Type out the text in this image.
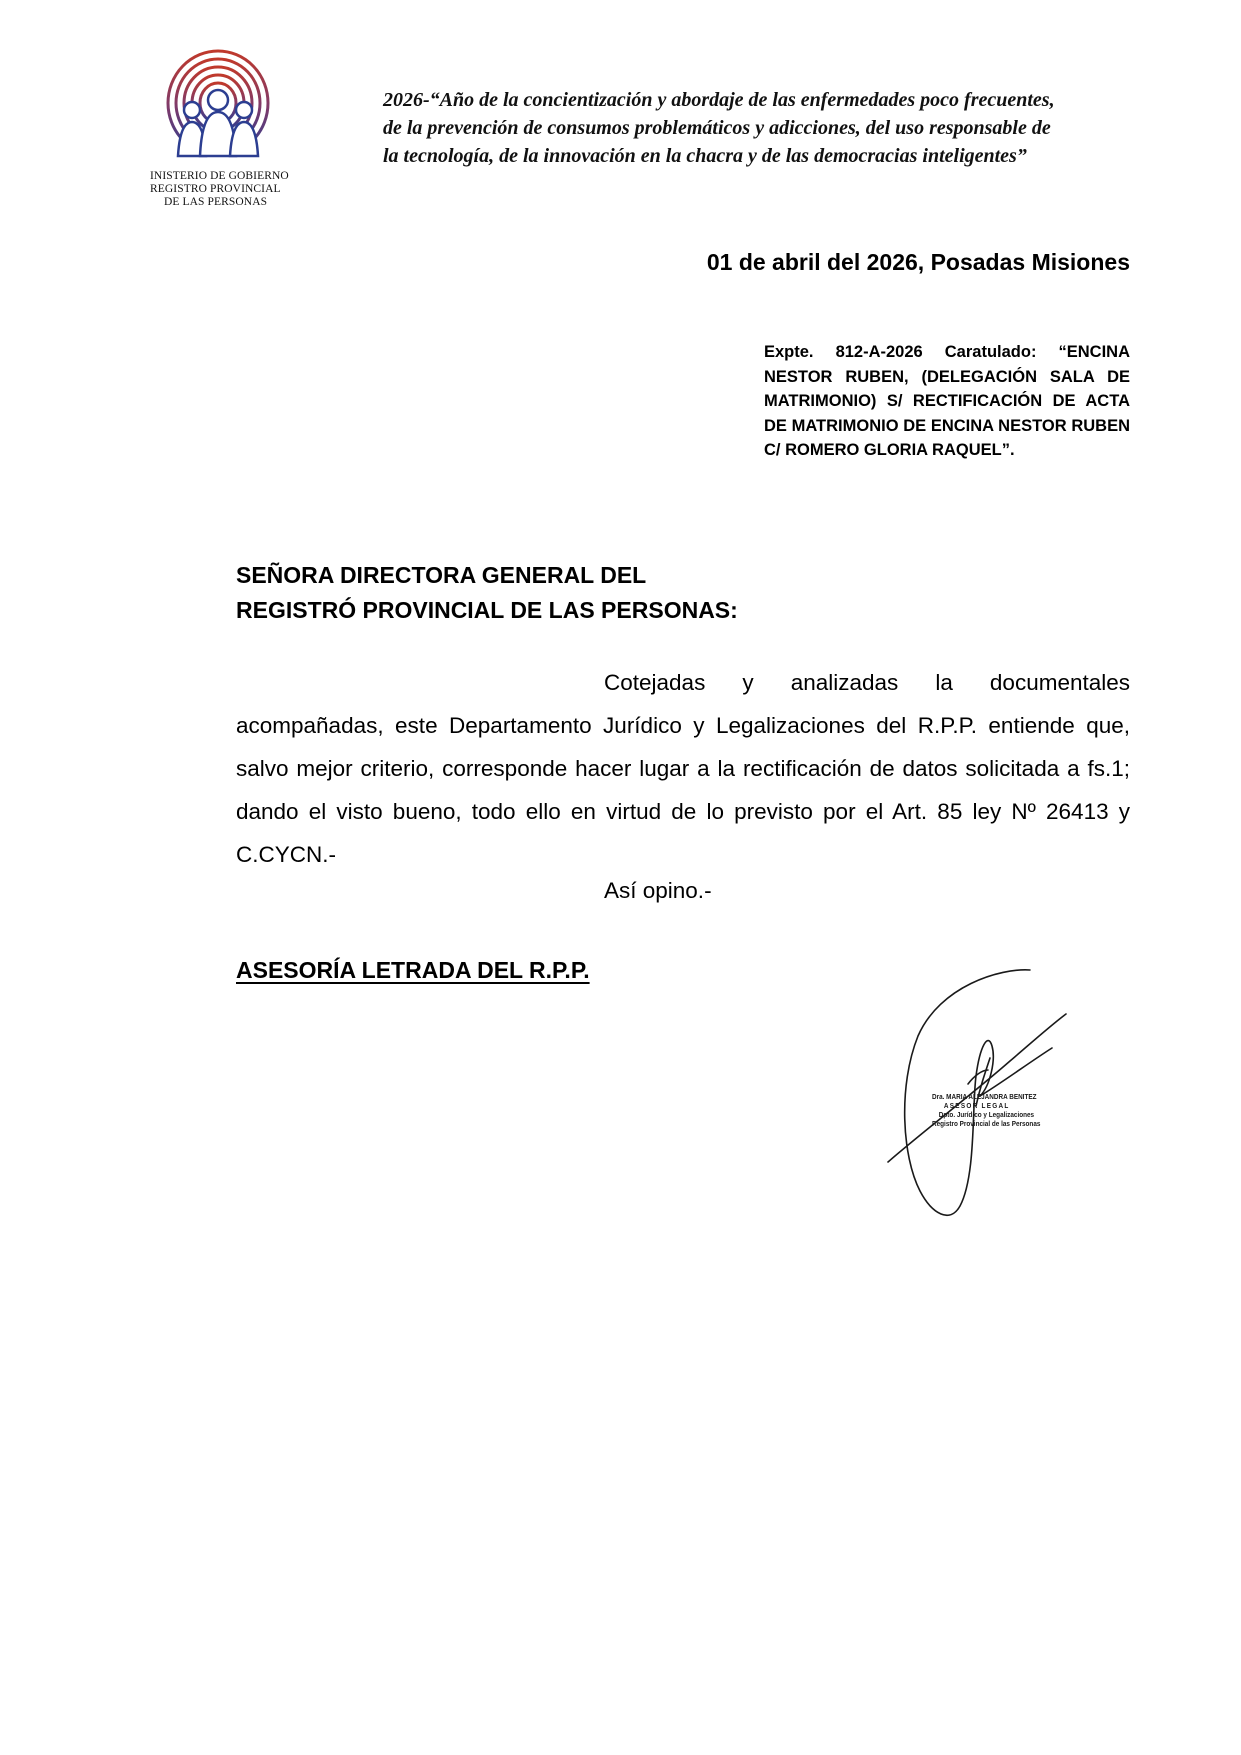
INISTERIO DE GOBIERNO
REGISTRO PROVINCIAL
DE LAS PERSONAS
2026-“Año de la concientización y abordaje de las enfermedades poco frecuentes,
de la prevención de consumos problemáticos y adicciones, del uso responsable de
la tecnología, de la innovación en la chacra y de las democracias inteligentes”
01 de abril del 2026, Posadas Misiones
Expte. 812-A-2026 Caratulado: “ENCINA NESTOR RUBEN, (DELEGACIÓN SALA DE MATRIMONIO) S/ RECTIFICACIÓN DE ACTA DE MATRIMONIO DE ENCINA NESTOR RUBEN C/ ROMERO GLORIA RAQUEL”.
SEÑORA DIRECTORA GENERAL DEL
REGISTRÓ PROVINCIAL DE LAS PERSONAS:

Cotejadas y analizadas la documentales acompañadas, este Departamento Jurídico y Legalizaciones del R.P.P. entiende que, salvo mejor criterio, corresponde hacer lugar a la rectificación de datos solicitada a fs.1; dando el visto bueno, todo ello en virtud de lo previsto por el Art. 85 ley Nº 26413 y C.CYCN.-

Así opino.-
ASESORÍA LETRADA DEL R.P.P.
Dra. MARIA ALEJANDRA BENITEZ
ASESOR LEGAL
Dpto. Jurídico y Legalizaciones
Registro Provincial de las Personas
